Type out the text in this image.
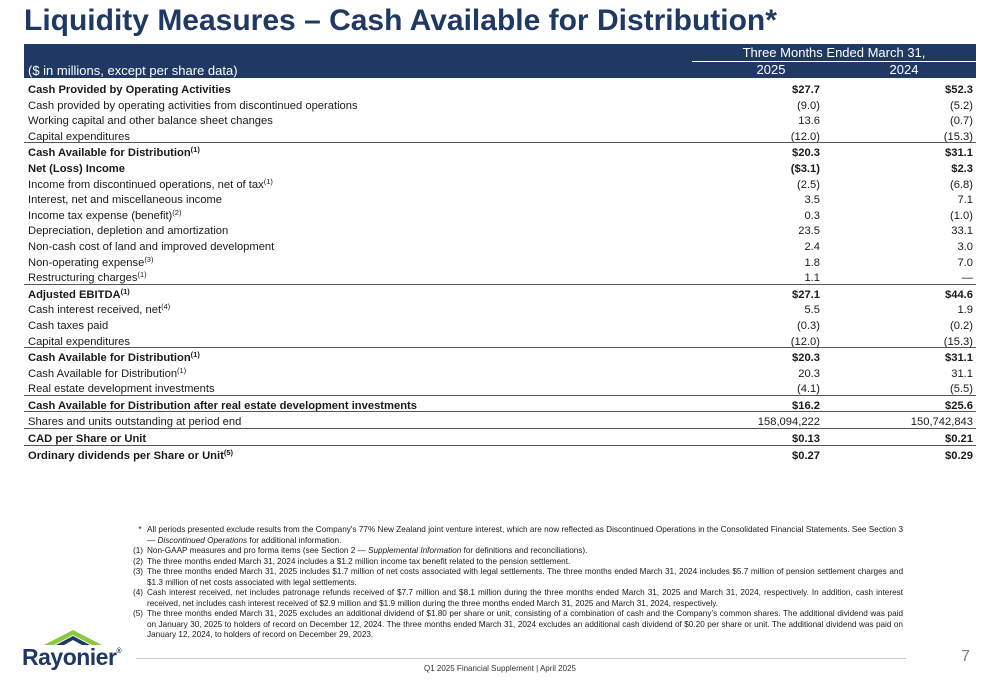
Liquidity Measures – Cash Available for Distribution*
Three Months Ended March 31,
($ in millions, except per share data)	2025	2024
Cash Provided by Operating Activities	$27.7	$52.3
Cash provided by operating activities from discontinued operations	(9.0)	(5.2)
Working capital and other balance sheet changes	13.6	(0.7)
Capital expenditures	(12.0)	(15.3)
Cash Available for Distribution$^{(1)}$	$20.3	$31.1
Net (Loss) Income	($3.1)	$2.3
Income from discontinued operations, net of tax$^{(1)}$	(2.5)	(6.8)
Interest, net and miscellaneous income	3.5	7.1
Income tax expense (benefit)$^{(2)}$	0.3	(1.0)
Depreciation, depletion and amortization	23.5	33.1
Non-cash cost of land and improved development	2.4	3.0
Non-operating expense$^{(3)}$	1.8	7.0
Restructuring charges$^{(1)}$	1.1	—
Adjusted EBITDA$^{(1)}$	$27.1	$44.6
Cash interest received, net$^{(4)}$	5.5	1.9
Cash taxes paid	(0.3)	(0.2)
Capital expenditures	(12.0)	(15.3)
Cash Available for Distribution$^{(1)}$	$20.3	$31.1
Cash Available for Distribution$^{(1)}$	20.3	31.1
Real estate development investments	(4.1)	(5.5)
Cash Available for Distribution after real estate development investments	$16.2	$25.6
Shares and units outstanding at period end	158,094,222	150,742,843
CAD per Share or Unit	$0.13	$0.21
Ordinary dividends per Share or Unit$^{(5)}$	$0.27	$0.29
* All periods presented exclude results from the Company's 77% New Zealand joint venture interest, which are now reflected as Discontinued Operations in the Consolidated Financial Statements. See Section 3 — Discontinued Operations for additional information.
(1) Non-GAAP measures and pro forma items (see Section 2 — Supplemental Information for definitions and reconciliations).
(2) The three months ended March 31, 2024 includes a $1.2 million income tax benefit related to the pension settlement.
(3) The three months ended March 31, 2025 includes $1.7 million of net costs associated with legal settlements. The three months ended March 31, 2024 includes $5.7 million of pension settlement charges and $1.3 million of net costs associated with legal settlements.
(4) Cash interest received, net includes patronage refunds received of $7.7 million and $8.1 million during the three months ended March 31, 2025 and March 31, 2024, respectively. In addition, cash interest received, net includes cash interest received of $2.9 million and $1.9 million during the three months ended March 31, 2025 and March 31, 2024, respectively.
(5) The three months ended March 31, 2025 excludes an additional dividend of $1.80 per share or unit, consisting of a combination of cash and the Company’s common shares. The additional dividend was paid on January 30, 2025 to holders of record on December 12, 2024. The three months ended March 31, 2024 excludes an additional cash dividend of $0.20 per share or unit. The additional dividend was paid on January 12, 2024, to holders of record on December 29, 2023.
Rayonier®
Q1 2025 Financial Supplement | April 2025
7
